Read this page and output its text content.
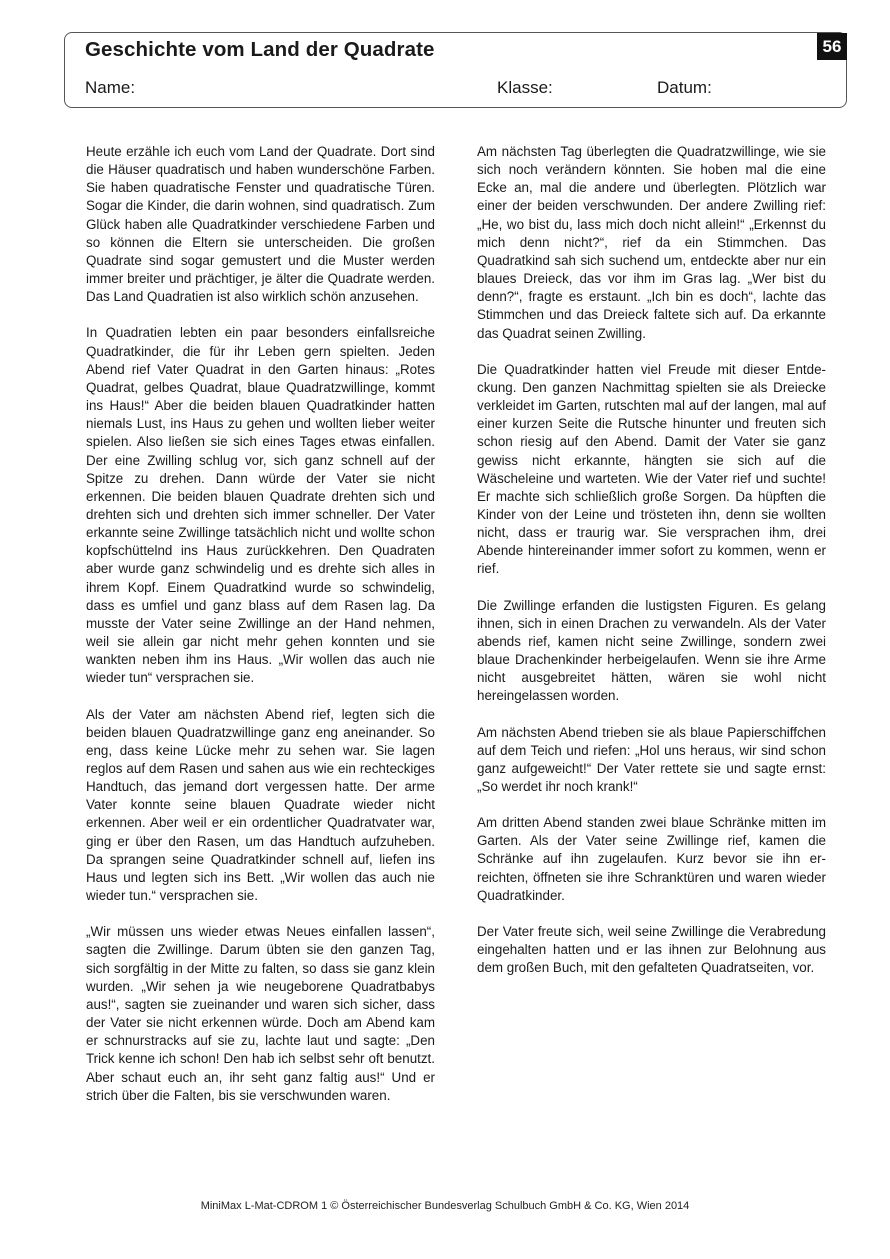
Geschichte vom Land der Quadrate	56
Name:	Klasse:	Datum:

Heute erzähle ich euch vom Land der Quadrate. Dort sind die Häuser quadratisch und haben wunderschöne Farben. Sie haben quadratische Fenster und quadratische Türen. Sogar die Kinder, die darin wohnen, sind quadratisch. Zum Glück haben alle Quadratkinder verschiedene Farben und so können die Eltern sie unterscheiden. Die großen Quadrate sind sogar gemustert und die Muster werden immer breiter und prächtiger, je älter die Quadrate werden. Das Land Quadratien ist also wirklich schön anzusehen.

In Quadratien lebten ein paar besonders einfallsreiche Quadratkinder, die für ihr Leben gern spielten. Jeden Abend rief Vater Quadrat in den Garten hinaus: „Rotes Quadrat, gelbes Quadrat, blaue Quadratzwillinge, kommt ins Haus!“ Aber die beiden blauen Quadratkinder hatten niemals Lust, ins Haus zu gehen und wollten lieber weiter spielen. Also ließen sie sich eines Tages etwas einfallen. Der eine Zwilling schlug vor, sich ganz schnell auf der Spitze zu drehen. Dann würde der Vater sie nicht erkennen. Die beiden blauen Quadrate drehten sich und drehten sich und drehten sich immer schneller. Der Vater erkannte seine Zwillinge tatsächlich nicht und wollte schon kopfschüttelnd ins Haus zurückkehren. Den Quadraten aber wurde ganz schwindelig und es drehte sich alles in ihrem Kopf. Einem Quadratkind wurde so schwindelig, dass es umfiel und ganz blass auf dem Rasen lag. Da musste der Vater seine Zwillinge an der Hand nehmen, weil sie allein gar nicht mehr gehen konnten und sie wankten neben ihm ins Haus. „Wir wollen das auch nie wieder tun“ versprachen sie.

Als der Vater am nächsten Abend rief, legten sich die beiden blauen Quadratzwillinge ganz eng aneinander. So eng, dass keine Lücke mehr zu sehen war. Sie lagen reglos auf dem Rasen und sahen aus wie ein rechteckiges Handtuch, das jemand dort vergessen hatte. Der arme Vater konnte seine blauen Quadrate wieder nicht erkennen. Aber weil er ein ordentlicher Quadratvater war, ging er über den Rasen, um das Handtuch aufzuheben. Da sprangen seine Quadratkinder schnell auf, liefen ins Haus und legten sich ins Bett. „Wir wollen das auch nie wieder tun.“ versprachen sie.

„Wir müssen uns wieder etwas Neues einfallen lassen“, sagten die Zwillinge. Darum übten sie den ganzen Tag, sich sorgfältig in der Mitte zu falten, so dass sie ganz klein wurden. „Wir sehen ja wie neugeborene Quadratbabys aus!“, sagten sie zueinander und waren sich sicher, dass der Vater sie nicht erkennen würde. Doch am Abend kam er schnurstracks auf sie zu, lachte laut und sagte: „Den Trick kenne ich schon! Den hab ich selbst sehr oft benutzt. Aber schaut euch an, ihr seht ganz faltig aus!“ Und er strich über die Falten, bis sie verschwunden waren.

Am nächsten Tag überlegten die Quadratzwillinge, wie sie sich noch verändern könnten. Sie hoben mal die eine Ecke an, mal die andere und überlegten. Plötzlich war einer der beiden verschwunden. Der andere Zwilling rief: „He, wo bist du, lass mich doch nicht allein!“ „Erkennst du mich denn nicht?“, rief da ein Stimmchen. Das Quadratkind sah sich suchend um, entdeckte aber nur ein blaues Dreieck, das vor ihm im Gras lag. „Wer bist du denn?“, fragte es erstaunt. „Ich bin es doch“, lachte das Stimmchen und das Dreieck faltete sich auf. Da erkannte das Quadrat seinen Zwilling.

Die Quadratkinder hatten viel Freude mit dieser Entdeckung. Den ganzen Nachmittag spielten sie als Dreiecke verkleidet im Garten, rutschten mal auf der langen, mal auf einer kurzen Seite die Rutsche hinunter und freuten sich schon riesig auf den Abend. Damit der Vater sie ganz gewiss nicht erkannte, hängten sie sich auf die Wäscheleine und warteten. Wie der Vater rief und suchte! Er machte sich schließlich große Sorgen. Da hüpften die Kinder von der Leine und trösteten ihn, denn sie wollten nicht, dass er traurig war. Sie versprachen ihm, drei Abende hintereinander immer sofort zu kommen, wenn er rief.

Die Zwillinge erfanden die lustigsten Figuren. Es gelang ihnen, sich in einen Drachen zu verwandeln. Als der Vater abends rief, kamen nicht seine Zwillinge, sondern zwei blaue Drachenkinder herbeigelaufen. Wenn sie ihre Arme nicht ausgebreitet hätten, wären sie wohl nicht hereingelassen worden.

Am nächsten Abend trieben sie als blaue Papierschiffchen auf dem Teich und riefen: „Hol uns heraus, wir sind schon ganz aufgeweicht!“ Der Vater rettete sie und sagte ernst: „So werdet ihr noch krank!“

Am dritten Abend standen zwei blaue Schränke mitten im Garten. Als der Vater seine Zwillinge rief, kamen die Schränke auf ihn zugelaufen. Kurz bevor sie ihn erreichten, öffneten sie ihre Schranktüren und waren wieder Quadratkinder.

Der Vater freute sich, weil seine Zwillinge die Verabredung eingehalten hatten und er las ihnen zur Belohnung aus dem großen Buch, mit den gefalteten Quadratseiten, vor.

MiniMax L-Mat-CDROM 1 © Österreichischer Bundesverlag Schulbuch GmbH & Co. KG, Wien 2014
